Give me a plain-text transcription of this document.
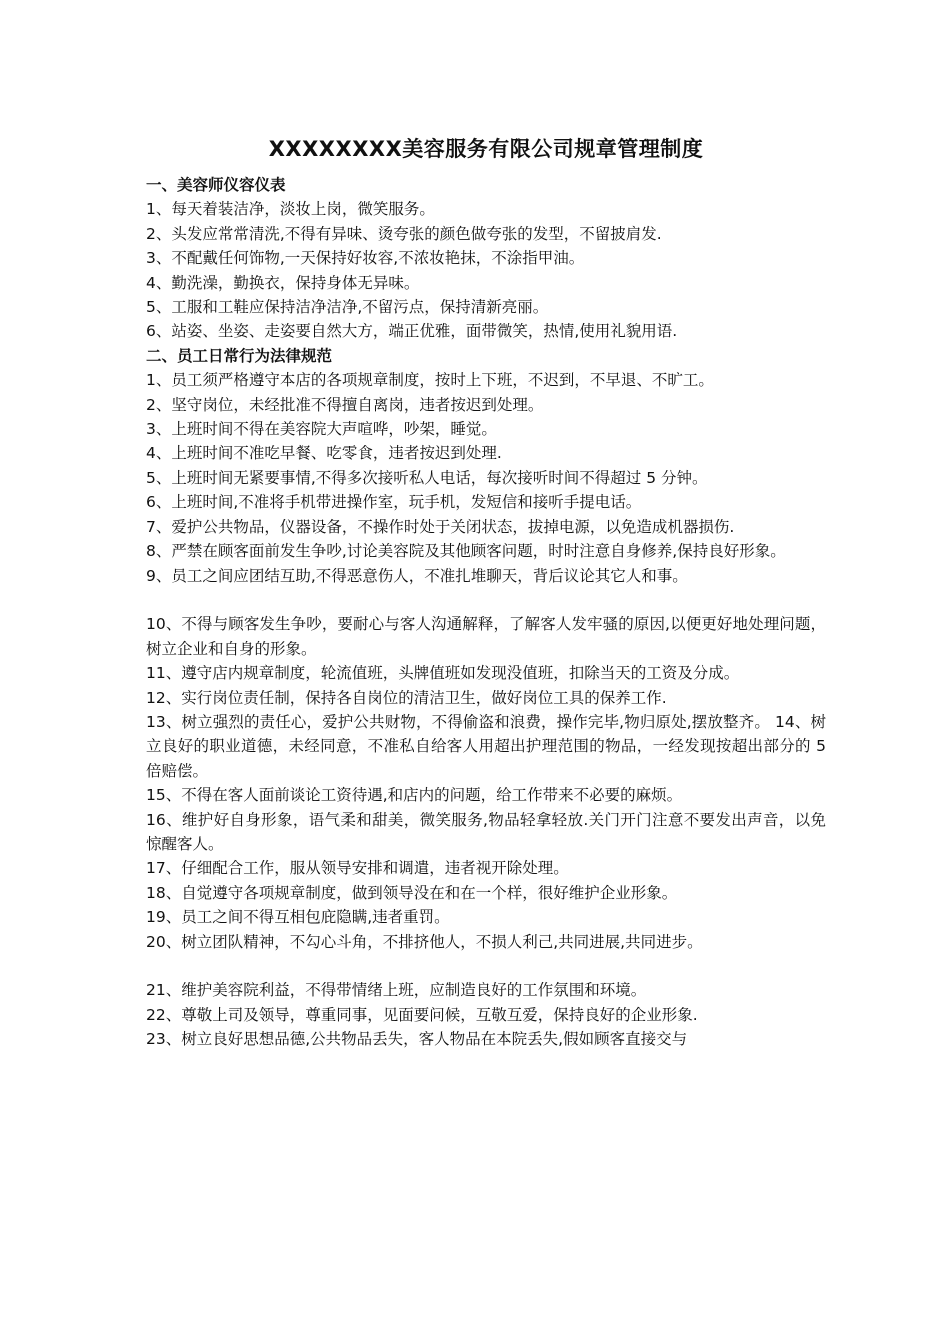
XXXXXXXX美容服务有限公司规章管理制度
一、美容师仪容仪表

1、每天着装洁净，淡妆上岗，微笑服务。

2、头发应常常清洗,不得有异味、烫夸张的颜色做夸张的发型，不留披肩发.

3、不配戴任何饰物,一天保持好妆容,不浓妆艳抹，不涂指甲油。

4、勤洗澡，勤换衣，保持身体无异味。

5、工服和工鞋应保持洁净洁净,不留污点，保持清新亮丽。

6、站姿、坐姿、走姿要自然大方，端正优雅，面带微笑，热情,使用礼貌用语.

二、员工日常行为法律规范

1、员工须严格遵守本店的各项规章制度，按时上下班，不迟到，不早退、不旷工。

2、坚守岗位，未经批准不得擅自离岗，违者按迟到处理。

3、上班时间不得在美容院大声喧哗，吵架，睡觉。

4、上班时间不准吃早餐、吃零食，违者按迟到处理.

5、上班时间无紧要事情,不得多次接听私人电话，每次接听时间不得超过 5 分钟。

6、上班时间,不准将手机带进操作室，玩手机，发短信和接听手提电话。

7、爱护公共物品，仪器设备，不操作时处于关闭状态，拔掉电源，以免造成机器损伤.

8、严禁在顾客面前发生争吵,讨论美容院及其他顾客问题，时时注意自身修养,保持良好形象。

9、员工之间应团结互助,不得恶意伤人，不准扎堆聊天，背后议论其它人和事。

10、不得与顾客发生争吵，要耐心与客人沟通解释，了解客人发牢骚的原因,以便更好地处理问题，树立企业和自身的形象。

11、遵守店内规章制度，轮流值班，头牌值班如发现没值班，扣除当天的工资及分成。

12、实行岗位责任制，保持各自岗位的清洁卫生，做好岗位工具的保养工作.

13、树立强烈的责任心，爱护公共财物，不得偷盗和浪费，操作完毕,物归原处,摆放整齐。 14、树立良好的职业道德，未经同意，不准私自给客人用超出护理范围的物品，一经发现按超出部分的 5 倍赔偿。

15、不得在客人面前谈论工资待遇,和店内的问题，给工作带来不必要的麻烦。

16、维护好自身形象，语气柔和甜美，微笑服务,物品轻拿轻放.关门开门注意不要发出声音，以免惊醒客人。

17、仔细配合工作，服从领导安排和调遣，违者视开除处理。

18、自觉遵守各项规章制度，做到领导没在和在一个样，很好维护企业形象。

19、员工之间不得互相包庇隐瞒,违者重罚。

20、树立团队精神，不勾心斗角，不排挤他人，不损人利己,共同进展,共同进步。

21、维护美容院利益，不得带情绪上班，应制造良好的工作氛围和环境。

22、尊敬上司及领导，尊重同事，见面要问候，互敬互爱，保持良好的企业形象.

23、树立良好思想品德,公共物品丢失，客人物品在本院丢失,假如顾客直接交与
